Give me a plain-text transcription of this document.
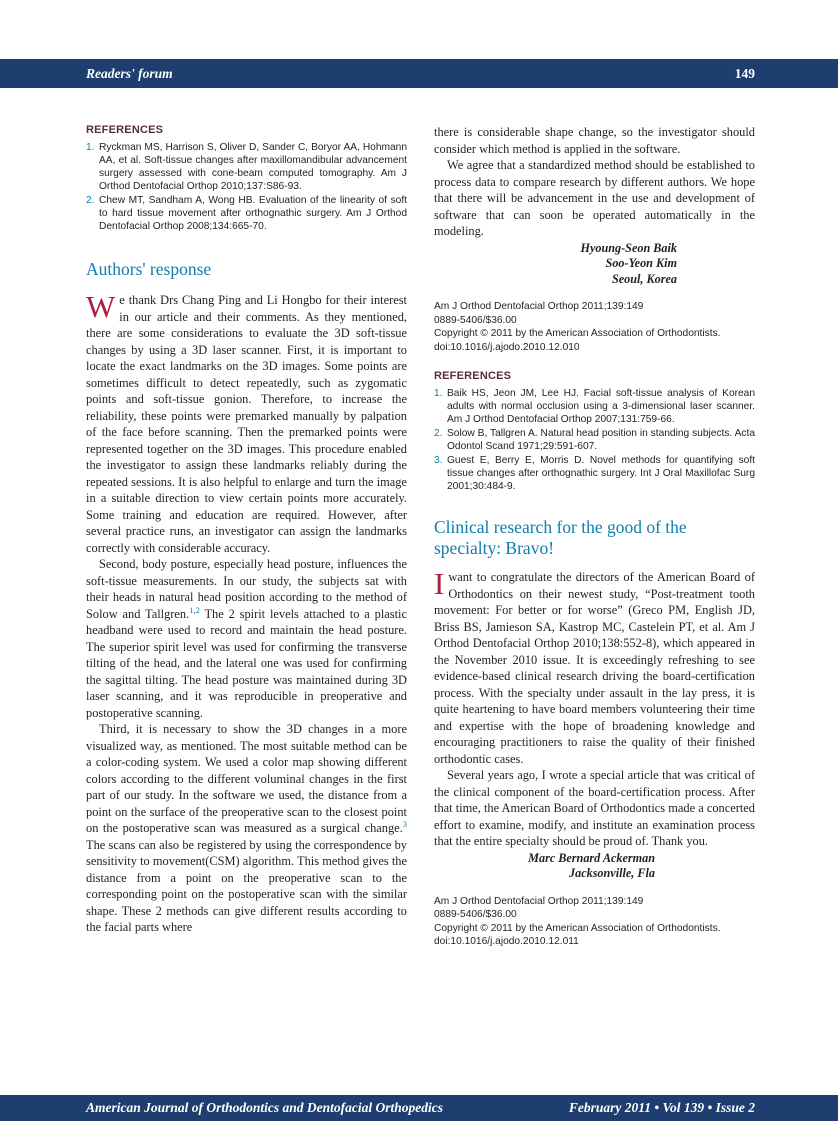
Readers' forum	149
REFERENCES
1. Ryckman MS, Harrison S, Oliver D, Sander C, Boryor AA, Hohmann AA, et al. Soft-tissue changes after maxillomandibular advancement surgery assessed with cone-beam computed tomography. Am J Orthod Dentofacial Orthop 2010;137:S86-93.
2. Chew MT, Sandham A, Wong HB. Evaluation of the linearity of soft to hard tissue movement after orthognathic surgery. Am J Orthod Dentofacial Orthop 2008;134:665-70.
Authors' response

We thank Drs Chang Ping and Li Hongbo for their interest in our article and their comments. As they mentioned, there are some considerations to evaluate the 3D soft-tissue changes by using a 3D laser scanner. First, it is important to locate the exact landmarks on the 3D images. Some points are sometimes difficult to detect repeatedly, such as zygomatic points and soft-tissue gonion. Therefore, to increase the reliability, these points were premarked manually by palpation of the face before scanning. Then the premarked points were represented together on the 3D images. This procedure enabled the investigator to assign these landmarks reliably during the repeated sessions. It is also helpful to enlarge and turn the image in a suitable direction to view certain points more accurately. Some training and education are required. However, after several practice runs, an investigator can assign the landmarks correctly with considerable accuracy.

Second, body posture, especially head posture, influences the soft-tissue measurements. In our study, the subjects sat with their heads in natural head position according to the method of Solow and Tallgren.$^{1,2}$ The 2 spirit levels attached to a plastic headband were used to record and maintain the head posture. The superior spirit level was used for confirming the transverse tilting of the head, and the lateral one was used for confirming the sagittal tilting. The head posture was maintained during 3D laser scanning, and it was reproducible in preoperative and postoperative scanning.

Third, it is necessary to show the 3D changes in a more visualized way, as mentioned. The most suitable method can be a color-coding system. We used a color map showing different colors according to the different voluminal changes in the first part of our study. In the software we used, the distance from a point on the surface of the preoperative scan to the closest point on the postoperative scan was measured as a surgical change.$^3$ The scans can also be registered by using the correspondence by sensitivity to movement(CSM) algorithm. This method gives the distance from a point on the preoperative scan to the corresponding point on the postoperative scan with the similar shape. These 2 methods can give different results according to the facial parts where

there is considerable shape change, so the investigator should consider which method is applied in the software.

We agree that a standardized method should be established to process data to compare research by different authors. We hope that there will be advancement in the use and development of software that can soon be operated automatically in the modeling.

Hyoung-Seon Baik
Soo-Yeon Kim
Seoul, Korea
Am J Orthod Dentofacial Orthop 2011;139:149
0889-5406/$36.00
Copyright © 2011 by the American Association of Orthodontists.
doi:10.1016/j.ajodo.2010.12.010
REFERENCES
1. Baik HS, Jeon JM, Lee HJ. Facial soft-tissue analysis of Korean adults with normal occlusion using a 3-dimensional laser scanner. Am J Orthod Dentofacial Orthop 2007;131:759-66.
2. Solow B, Tallgren A. Natural head position in standing subjects. Acta Odontol Scand 1971;29:591-607.
3. Guest E, Berry E, Morris D. Novel methods for quantifying soft tissue changes after orthognathic surgery. Int J Oral Maxillofac Surg 2001;30:484-9.
Clinical research for the good of the specialty: Bravo!

Iwant to congratulate the directors of the American Board of Orthodontics on their newest study, “Post-treatment tooth movement: For better or for worse” (Greco PM, English JD, Briss BS, Jamieson SA, Kastrop MC, Castelein PT, et al. Am J Orthod Dentofacial Orthop 2010;138:552-8), which appeared in the November 2010 issue. It is exceedingly refreshing to see evidence-based clinical research driving the board-certification process. With the specialty under assault in the lay press, it is quite heartening to have board members volunteering their time and expertise with the hope of broadening knowledge and encouraging practitioners to raise the quality of their finished orthodontic cases.

Several years ago, I wrote a special article that was critical of the clinical component of the board-certification process. After that time, the American Board of Orthodontics made a concerted effort to examine, modify, and institute an examination process that the entire specialty should be proud of. Thank you.

Marc Bernard Ackerman
Jacksonville, Fla
Am J Orthod Dentofacial Orthop 2011;139:149
0889-5406/$36.00
Copyright © 2011 by the American Association of Orthodontists.
doi:10.1016/j.ajodo.2010.12.011
American Journal of Orthodontics and Dentofacial Orthopedics	February 2011 • Vol 139 • Issue 2
